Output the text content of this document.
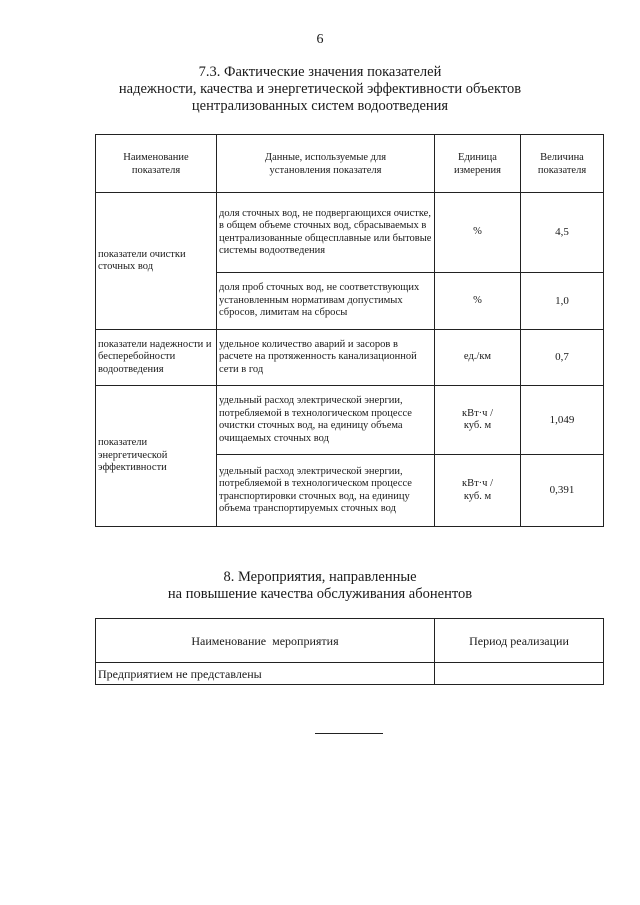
6
7.3. Фактические значения показателей
надежности, качества и энергетической эффективности объектов
централизованных систем водоотведения
Наименование показателя	Данные, используемые для установления показателя	Единица измерения	Величина показателя
показатели очистки сточных вод	доля сточных вод, не подвергающихся очистке, в общем объеме сточных вод, сбрасываемых в централизованные общесплавные или бытовые системы водоотведения	%	4,5
	доля проб сточных вод, не соответствующих установленным нормативам допустимых сбросов, лимитам на сбросы	%	1,0
показатели надежности и бесперебойности водоотведения	удельное количество аварий и засоров в расчете на протяженность канализационной сети в год	ед./км	0,7
показатели энергетической эффективности	удельный расход электрической энергии, потребляемой в технологическом процессе очистки сточных вод, на единицу объема очищаемых сточных вод	кВт·ч / куб. м	1,049
	удельный расход электрической энергии, потребляемой в технологическом процессе транспортировки сточных вод, на единицу объема транспортируемых сточных вод	кВт·ч / куб. м	0,391
8. Мероприятия, направленные
на повышение качества обслуживания абонентов
Наименование  мероприятия	Период реализации
Предприятием не представлены	
